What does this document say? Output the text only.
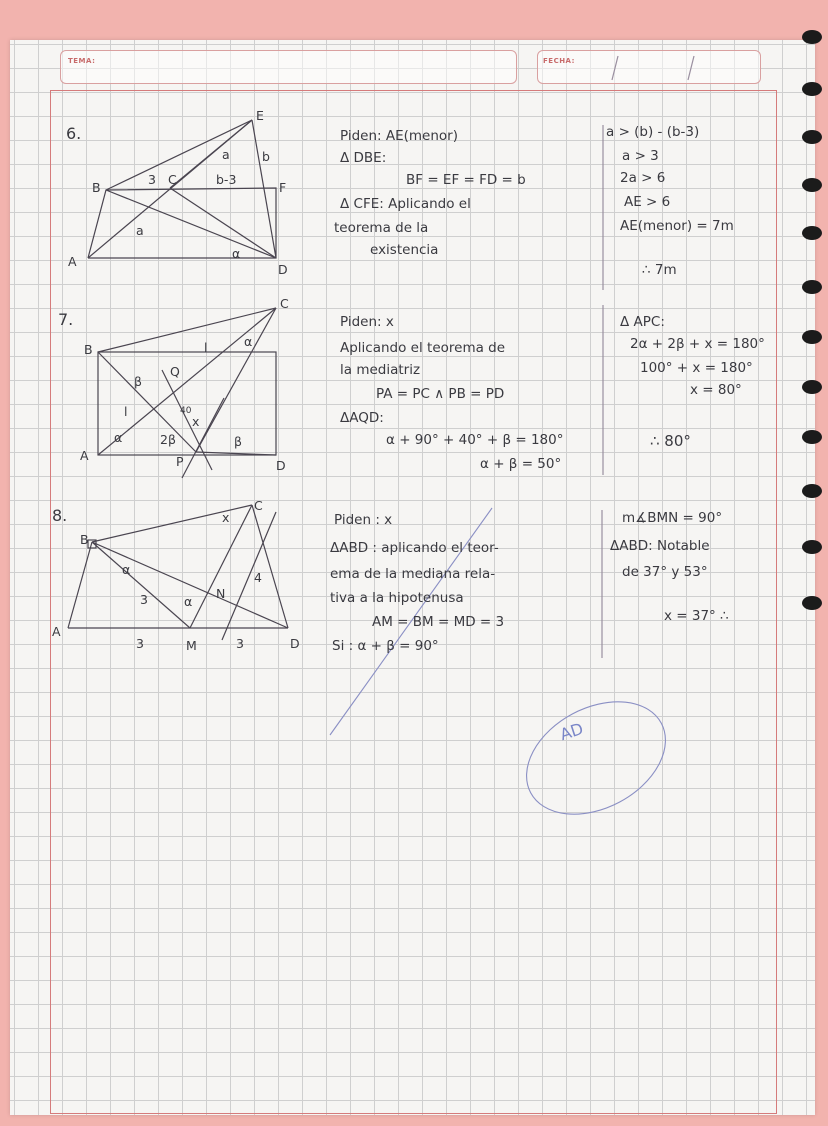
TEMA:	FECHA:
6.
E
a	b
B
3 C	b-3
F
a
α
A
D
Piden: AE(menor)
Δ DBE:
BF = EF = FD = b
Δ CFE: Aplicando el
teorema de la
existencia
a > (b) - (b-3)
a > 3
2a > 6
AE > 6
AE(menor) = 7m
∴ 7m
7.
C
B	l	α
β
Q
l	40
x
α	2β	β
A	P	D
Piden: x
Aplicando el teorema de
la mediatriz
PA = PC ∧ PB = PD
ΔAQD:
α + 90° + 40° + β = 180°
α + β = 50°
Δ APC:
2α + 2β + x = 180°
100° + x = 180°
x = 80°
∴ 80°
8.	x
C
B
α
3	α
N
4
A
3	M	3	D
Piden : x
ΔABD : aplicando el teor-
ema de la mediana rela-
tiva a la hipotenusa
AM = BM = MD = 3
Si : α + β = 90°
m∡BMN = 90°
ΔABD: Notable
de 37° y 53°
x = 37° ∴
AD
